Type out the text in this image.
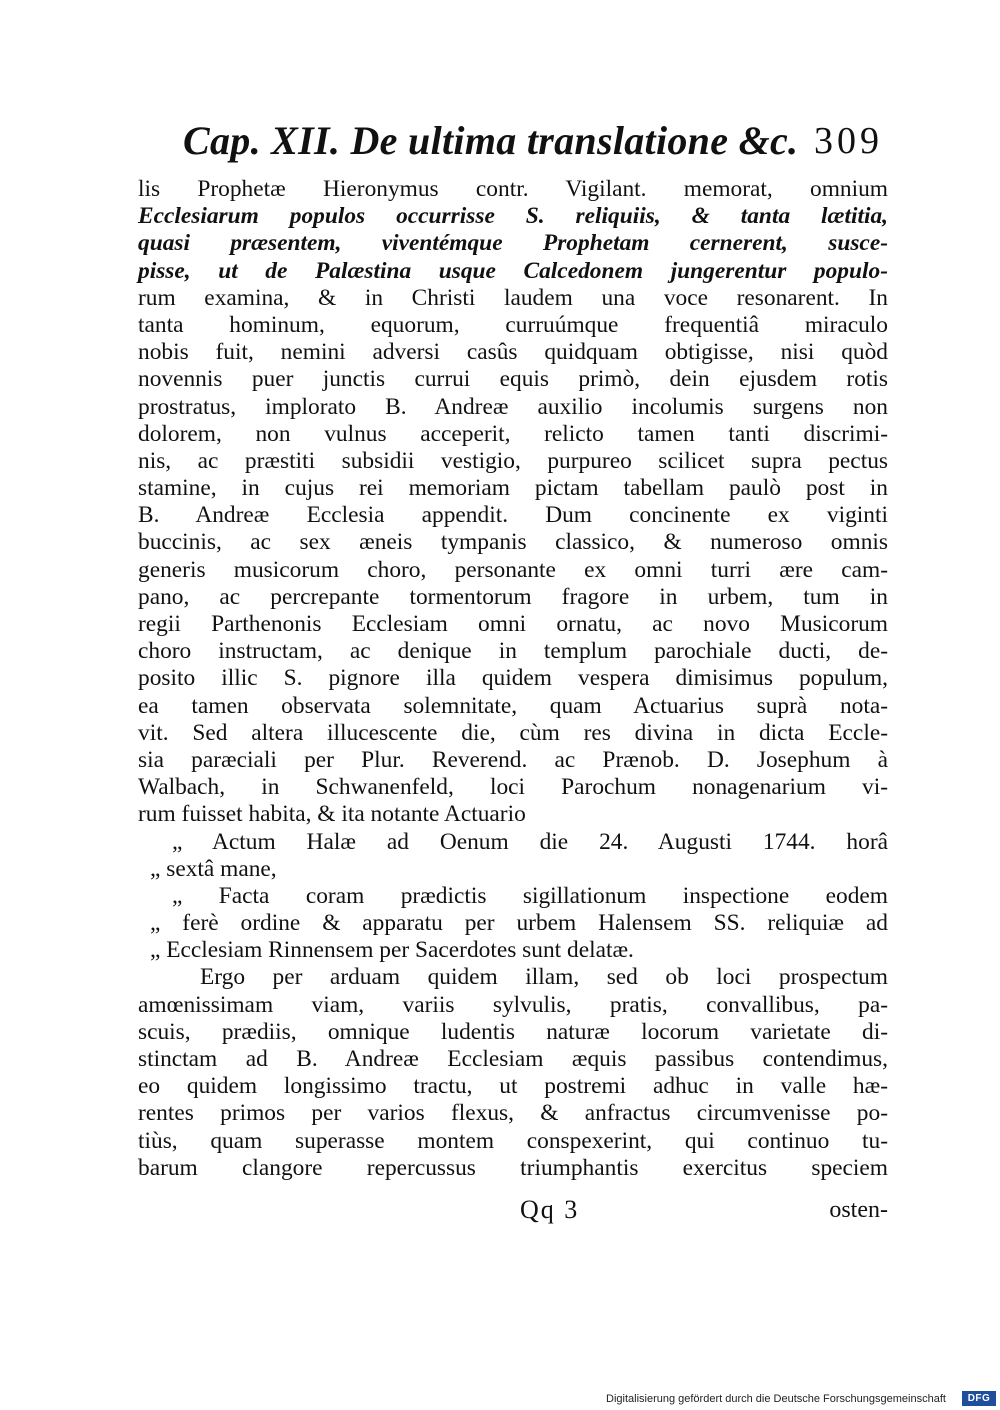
Cap. XII. De ultima translatione &c. 309
lis Prophetæ Hieronymus contr. Vigilant. memorat, omnium
Ecclesiarum populos occurrisse S. reliquiis, & tanta lætitia,
quasi præsentem, viventémque Prophetam cernerent, susce-
pisse, ut de Palæstina usque Calcedonem jungerentur populo-
rum examina, & in Christi laudem una voce resonarent. In
tanta hominum, equorum, curruúmque frequentiâ miraculo
nobis fuit, nemini adversi casûs quidquam obtigisse, nisi quòd
novennis puer junctis currui equis primò, dein ejusdem rotis
prostratus, implorato B. Andreæ auxilio incolumis surgens non
dolorem, non vulnus acceperit, relicto tamen tanti discrimi-
nis, ac præstiti subsidii vestigio, purpureo scilicet supra pectus
stamine, in cujus rei memoriam pictam tabellam paulò post in
B. Andreæ Ecclesia appendit. Dum concinente ex viginti
buccinis, ac sex æneis tympanis classico, & numeroso omnis
generis musicorum choro, personante ex omni turri ære cam-
pano, ac percrepante tormentorum fragore in urbem, tum in
regii Parthenonis Ecclesiam omni ornatu, ac novo Musicorum
choro instructam, ac denique in templum parochiale ducti, de-
posito illic S. pignore illa quidem vespera dimisimus populum,
ea tamen observata solemnitate, quam Actuarius suprà nota-
vit. Sed altera illucescente die, cùm res divina in dicta Eccle-
sia paræciali per Plur. Reverend. ac Prænob. D. Josephum à
Walbach, in Schwanenfeld, loci Parochum nonagenarium vi-
rum fuisset habita, & ita notante Actuario
„ Actum Halæ ad Oenum die 24. Augusti 1744. horâ
„ sextâ mane,
„ Facta coram prædictis sigillationum inspectione eodem
„ ferè ordine & apparatu per urbem Halensem SS. reliquiæ ad
„ Ecclesiam Rinnensem per Sacerdotes sunt delatæ.
Ergo per arduam quidem illam, sed ob loci prospectum
amœnissimam viam, variis sylvulis, pratis, convallibus, pa-
scuis, prædiis, omnique ludentis naturæ locorum varietate di-
stinctam ad B. Andreæ Ecclesiam æquis passibus contendimus,
eo quidem longissimo tractu, ut postremi adhuc in valle hæ-
rentes primos per varios flexus, & anfractus circumvenisse po-
tiùs, quam superasse montem conspexerint, qui continuo tu-
barum clangore repercussus triumphantis exercitus speciem
Qq 3	osten-
Digitalisierung gefördert durch die Deutsche Forschungsgemeinschaft	DFG
